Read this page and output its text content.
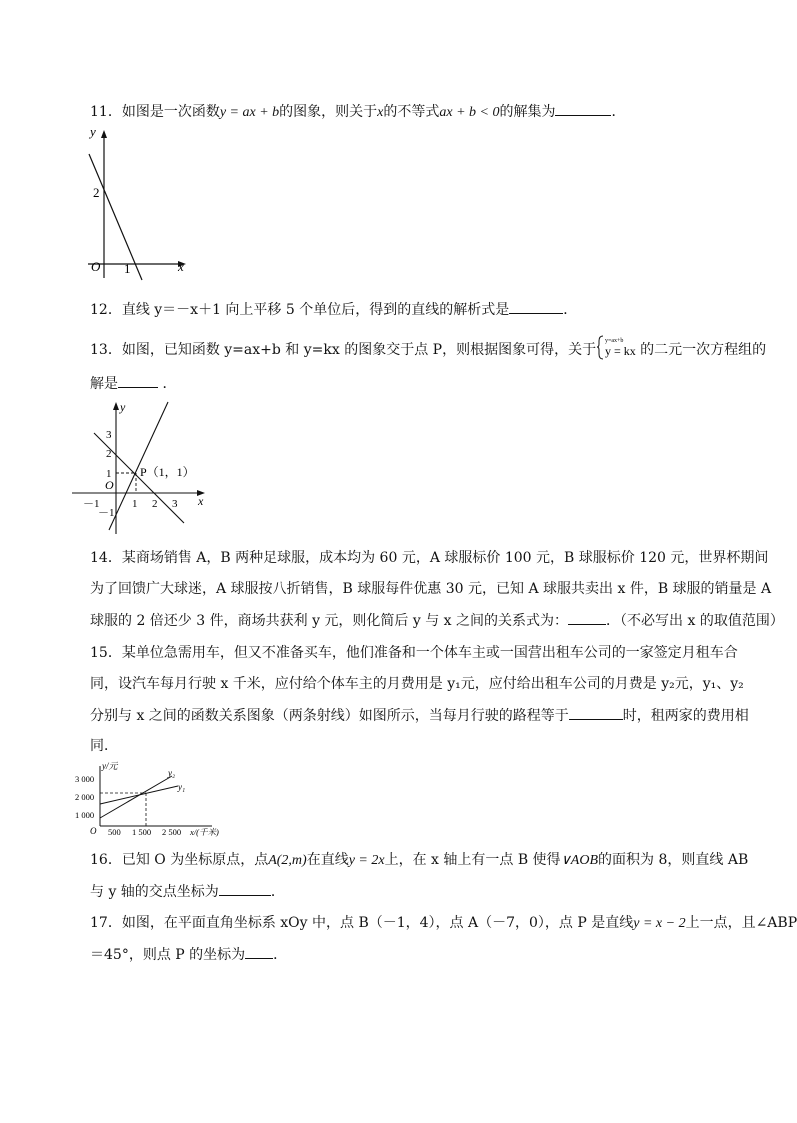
11．如图是一次函数y = ax + b的图象，则关于x的不等式ax + b < 0的解集为	．
y
x
O
2
1
12．直线 y＝－x＋1 向上平移 5 个单位后，得到的直线的解析式是	．
13．如图，已知函数 y=ax+b 和 y=kx 的图象交于点 P，则根据图象可得，关于
y=ax+b
y = kx 的二元一次方程组的
解是	．
y
x
O
P（1，1）
3
2
1
－1
－1	1 2 3
14．某商场销售 A，B 两种足球服，成本均为 60 元，A 球服标价 100 元，B 球服标价 120 元，世界杯期间
为了回馈广大球迷，A 球服按八折销售，B 球服每件优惠 30 元，已知 A 球服共卖出 x 件，B 球服的销量是 A
球服的 2 倍还少 3 件，商场共获利 y 元，则化简后 y 与 x 之间的关系式为：	．（不必写出 x 的取值范围）
15．某单位急需用车，但又不准备买车，他们准备和一个体车主或一国营出租车公司的一家签定月租车合
同，设汽车每月行驶 x 千米，应付给个体车主的月费用是 y₁元，应付给出租车公司的月费是 y₂元，y₁、y₂
分别与 x 之间的函数关系图象（两条射线）如图所示，当每月行驶的路程等于	时，租两家的费用相
同．
y/元
y₂
y₁
3 000
2 000
1 000
O 500 1 500 2 500 x/(千米)
16．已知 O 为坐标原点，点A(2,m)在直线y = 2x上，在 x 轴上有一点 B 使得∨AOB的面积为 8，则直线 AB
与 y 轴的交点坐标为	．
17．如图，在平面直角坐标系 xOy 中，点 B（－1，4），点 A（－7，0），点 P 是直线y = x − 2上一点，且∠ABP
＝45°，则点 P 的坐标为 ．
